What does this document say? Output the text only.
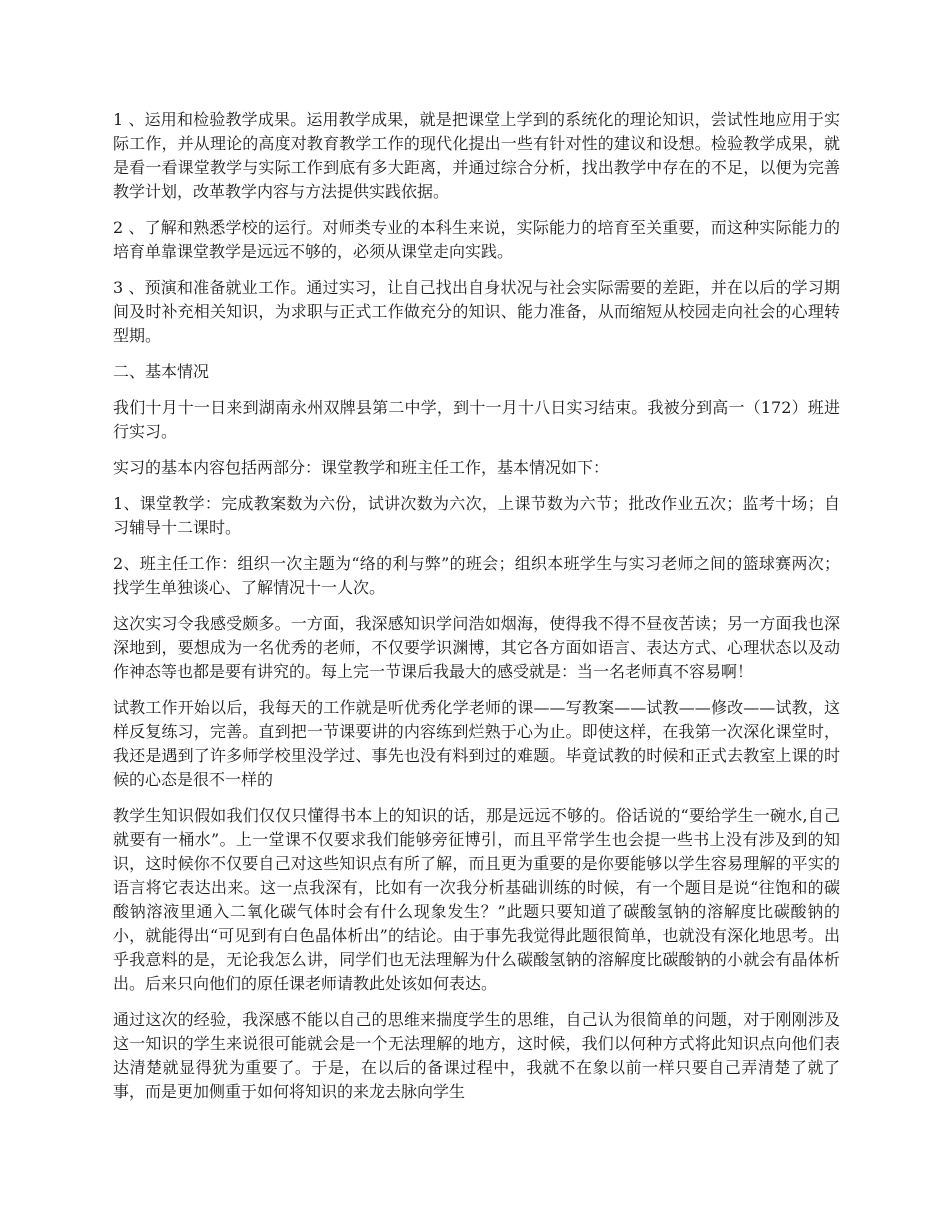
1 、运用和检验教学成果。运用教学成果，就是把课堂上学到的系统化的理论知识，尝试性地应用于实际工作，并从理论的高度对教育教学工作的现代化提出一些有针对性的建议和设想。检验教学成果，就是看一看课堂教学与实际工作到底有多大距离，并通过综合分析，找出教学中存在的不足，以便为完善教学计划，改革教学内容与方法提供实践依据。

2 、了解和熟悉学校的运行。对师类专业的本科生来说，实际能力的培育至关重要，而这种实际能力的培育单靠课堂教学是远远不够的，必须从课堂走向实践。

3 、预演和准备就业工作。通过实习，让自己找出自身状况与社会实际需要的差距，并在以后的学习期间及时补充相关知识，为求职与正式工作做充分的知识、能力准备，从而缩短从校园走向社会的心理转型期。

二、基本情况

我们十月十一日来到湖南永州双牌县第二中学，到十一月十八日实习结束。我被分到高一（172）班进行实习。

实习的基本内容包括两部分：课堂教学和班主任工作，基本情况如下：

1、课堂教学：完成教案数为六份，试讲次数为六次，上课节数为六节；批改作业五次；监考十场；自习辅导十二课时。

2、班主任工作：组织一次主题为“络的利与弊”的班会；组织本班学生与实习老师之间的篮球赛两次；找学生单独谈心、了解情况十一人次。

这次实习令我感受颇多。一方面，我深感知识学问浩如烟海，使得我不得不昼夜苦读；另一方面我也深深地到，要想成为一名优秀的老师，不仅要学识渊博，其它各方面如语言、表达方式、心理状态以及动作神态等也都是要有讲究的。每上完一节课后我最大的感受就是：当一名老师真不容易啊！

试教工作开始以后，我每天的工作就是听优秀化学老师的课——写教案——试教——修改——试教，这样反复练习，完善。直到把一节课要讲的内容练到烂熟于心为止。即使这样，在我第一次深化课堂时，我还是遇到了许多师学校里没学过、事先也没有料到过的难题。毕竟试教的时候和正式去教室上课的时候的心态是很不一样的

教学生知识假如我们仅仅只懂得书本上的知识的话，那是远远不够的。俗话说的“要给学生一碗水,自己就要有一桶水”。上一堂课不仅要求我们能够旁征博引，而且平常学生也会提一些书上没有涉及到的知识，这时候你不仅要自己对这些知识点有所了解，而且更为重要的是你要能够以学生容易理解的平实的语言将它表达出来。这一点我深有，比如有一次我分析基础训练的时候，有一个题目是说“往饱和的碳酸钠溶液里通入二氧化碳气体时会有什么现象发生？”此题只要知道了碳酸氢钠的溶解度比碳酸钠的小，就能得出“可见到有白色晶体析出”的结论。由于事先我觉得此题很简单，也就没有深化地思考。出乎我意料的是，无论我怎么讲，同学们也无法理解为什么碳酸氢钠的溶解度比碳酸钠的小就会有晶体析出。后来只向他们的原任课老师请教此处该如何表达。

通过这次的经验，我深感不能以自己的思维来揣度学生的思维，自己认为很简单的问题，对于刚刚涉及这一知识的学生来说很可能就会是一个无法理解的地方，这时候，我们以何种方式将此知识点向他们表达清楚就显得犹为重要了。于是，在以后的备课过程中，我就不在象以前一样只要自己弄清楚了就了事，而是更加侧重于如何将知识的来龙去脉向学生
